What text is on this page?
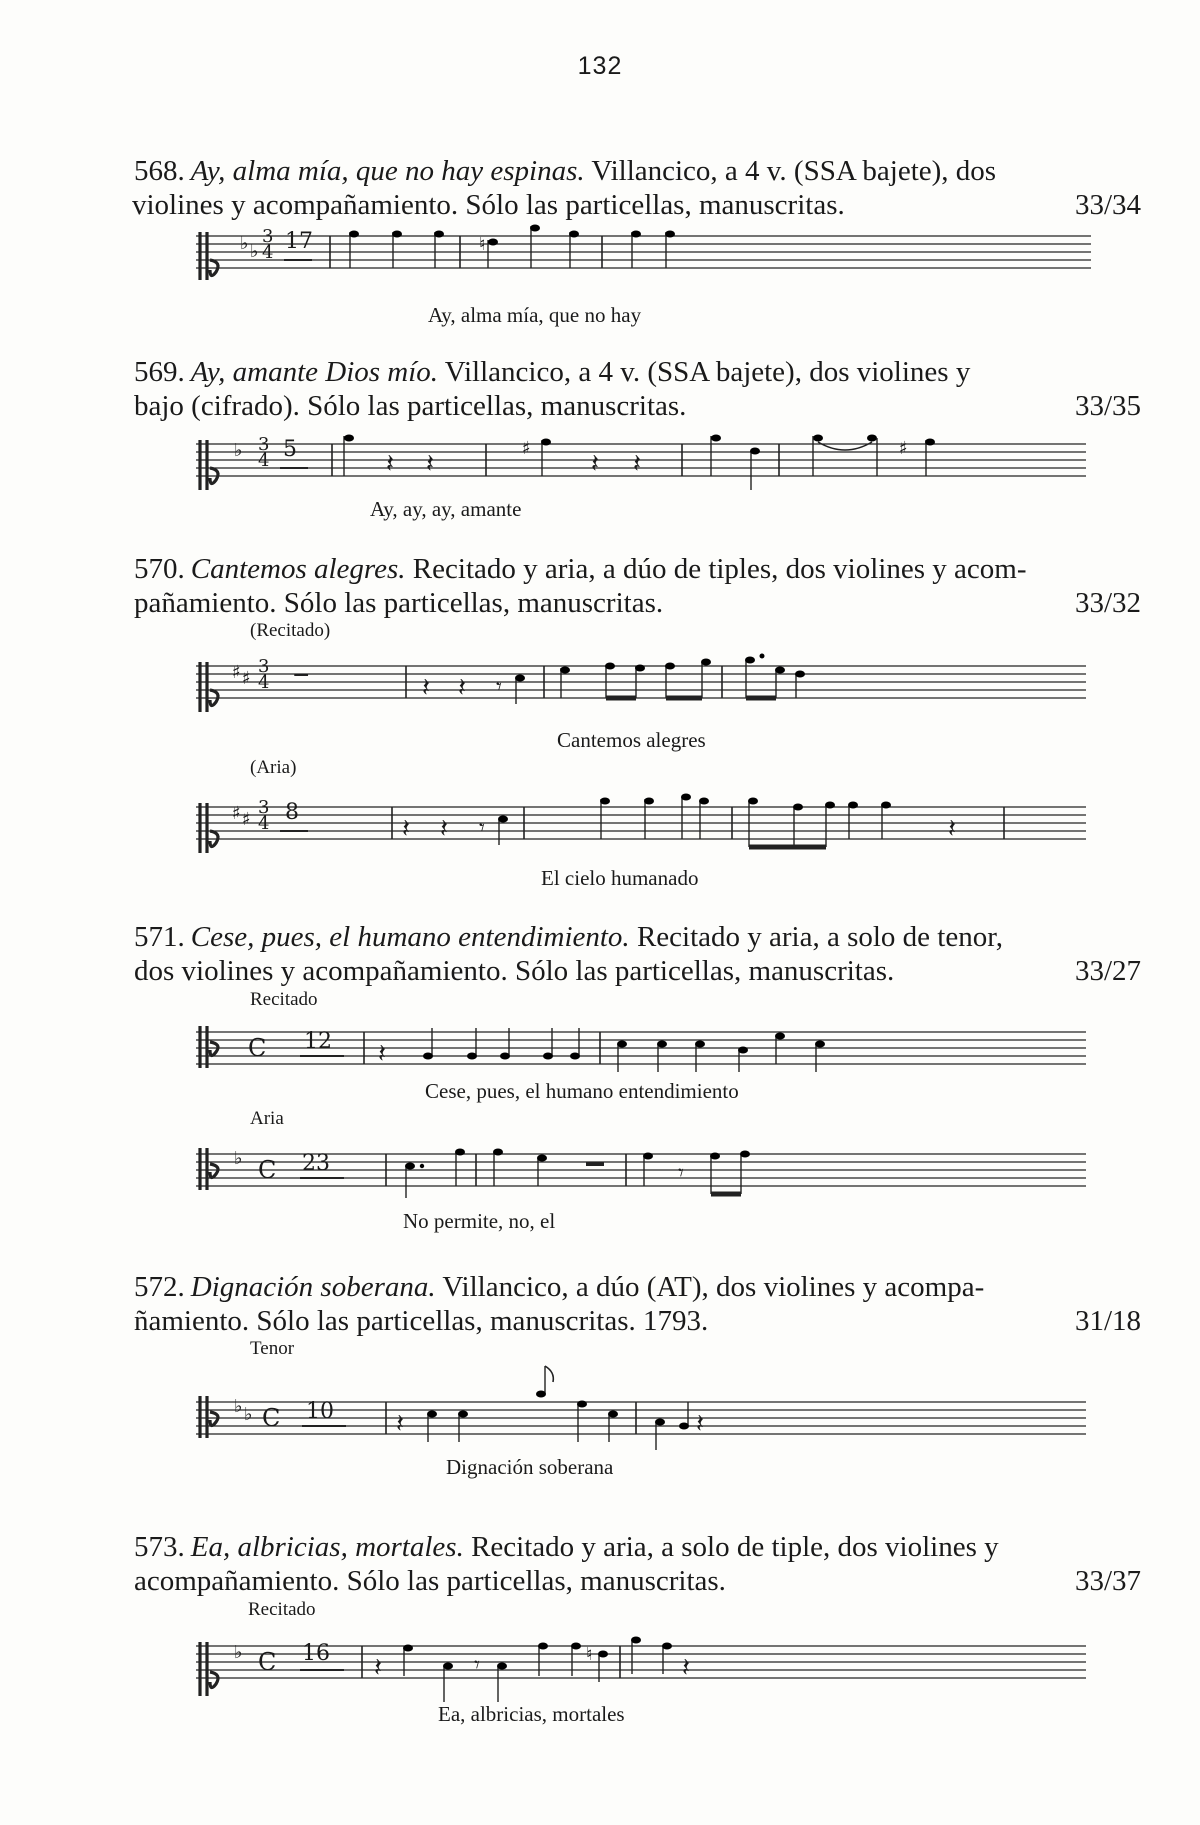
132
568. Ay, alma mía, que no hay espinas. Villancico, a 4 v. (SSA bajete), dos
violines y acompañamiento. Sólo las particellas, manuscritas.	33/34
♭ ♭
3 4 17	♮
Ay, alma mía, que no hay
569. Ay, amante Dios mío. Villancico, a 4 v. (SSA bajete), dos violines y
bajo (cifrado). Sólo las particellas, manuscritas.	33/35
♭ 3 4 5	𝄽 𝄽
♯
𝄽 𝄽
♯
Ay, ay, ay, amante
570. Cantemos alegres. Recitado y aria, a dúo de tiples, dos violines y acom-
pañamiento. Sólo las particellas, manuscritas.	33/32
(Recitado)
♯ ♯
3 4 −	𝄽 𝄽 𝄾
Cantemos alegres
(Aria)
♯ ♯
3 4 8
𝄽 𝄽 𝄾	𝄽
El cielo humanado
571. Cese, pues, el humano entendimiento. Recitado y aria, a solo de tenor,
dos violines y acompañamiento. Sólo las particellas, manuscritas.	33/27
Recitado
C 12 𝄽
Cese, pues, el humano entendimiento
Aria
♭ C 23	𝄾
No permite, no, el
572. Dignación soberana. Villancico, a dúo (AT), dos violines y acompa-
ñamiento. Sólo las particellas, manuscritas. 1793.	31/18
Tenor
♭ ♭ C 10 𝄽	𝄽
Dignación soberana
573. Ea, albricias, mortales. Recitado y aria, a solo de tiple, dos violines y
acompañamiento. Sólo las particellas, manuscritas.	33/37
Recitado
♭ C 16 𝄽	𝄾	♮	𝄽
Ea, albricias, mortales
